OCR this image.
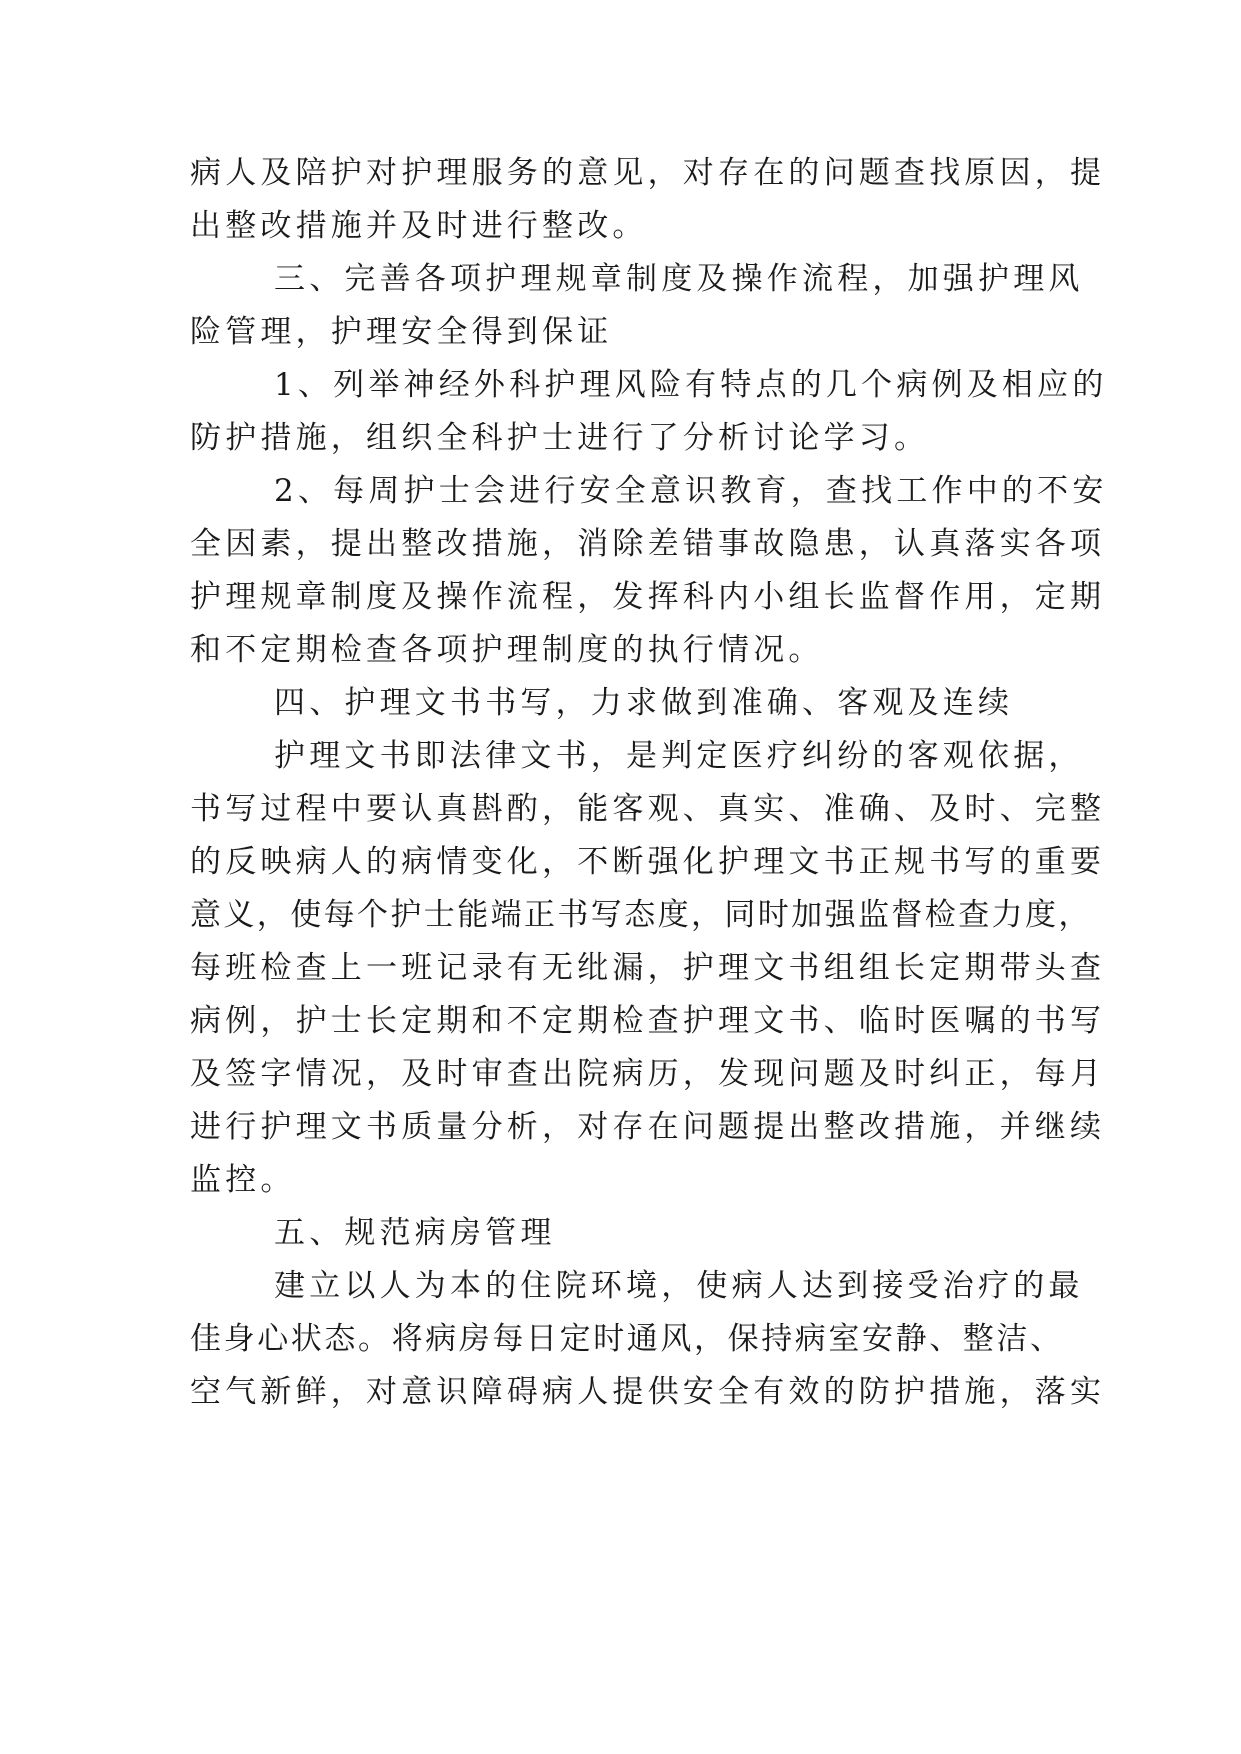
病人及陪护对护理服务的意见，对存在的问题查找原因，提
出整改措施并及时进行整改。
三、完善各项护理规章制度及操作流程，加强护理风
险管理，护理安全得到保证
1、列举神经外科护理风险有特点的几个病例及相应的
防护措施，组织全科护士进行了分析讨论学习。
2、每周护士会进行安全意识教育，查找工作中的不安
全因素，提出整改措施，消除差错事故隐患，认真落实各项
护理规章制度及操作流程，发挥科内小组长监督作用，定期
和不定期检查各项护理制度的执行情况。
四、护理文书书写，力求做到准确、客观及连续
护理文书即法律文书，是判定医疗纠纷的客观依据，
书写过程中要认真斟酌，能客观、真实、准确、及时、完整
的反映病人的病情变化，不断强化护理文书正规书写的重要
意义，使每个护士能端正书写态度，同时加强监督检查力度，
每班检查上一班记录有无纰漏，护理文书组组长定期带头查
病例，护士长定期和不定期检查护理文书、临时医嘱的书写
及签字情况，及时审查出院病历，发现问题及时纠正，每月
进行护理文书质量分析，对存在问题提出整改措施，并继续
监控。
五、规范病房管理
建立以人为本的住院环境，使病人达到接受治疗的最
佳身心状态。将病房每日定时通风，保持病室安静、整洁、
空气新鲜，对意识障碍病人提供安全有效的防护措施，落实
